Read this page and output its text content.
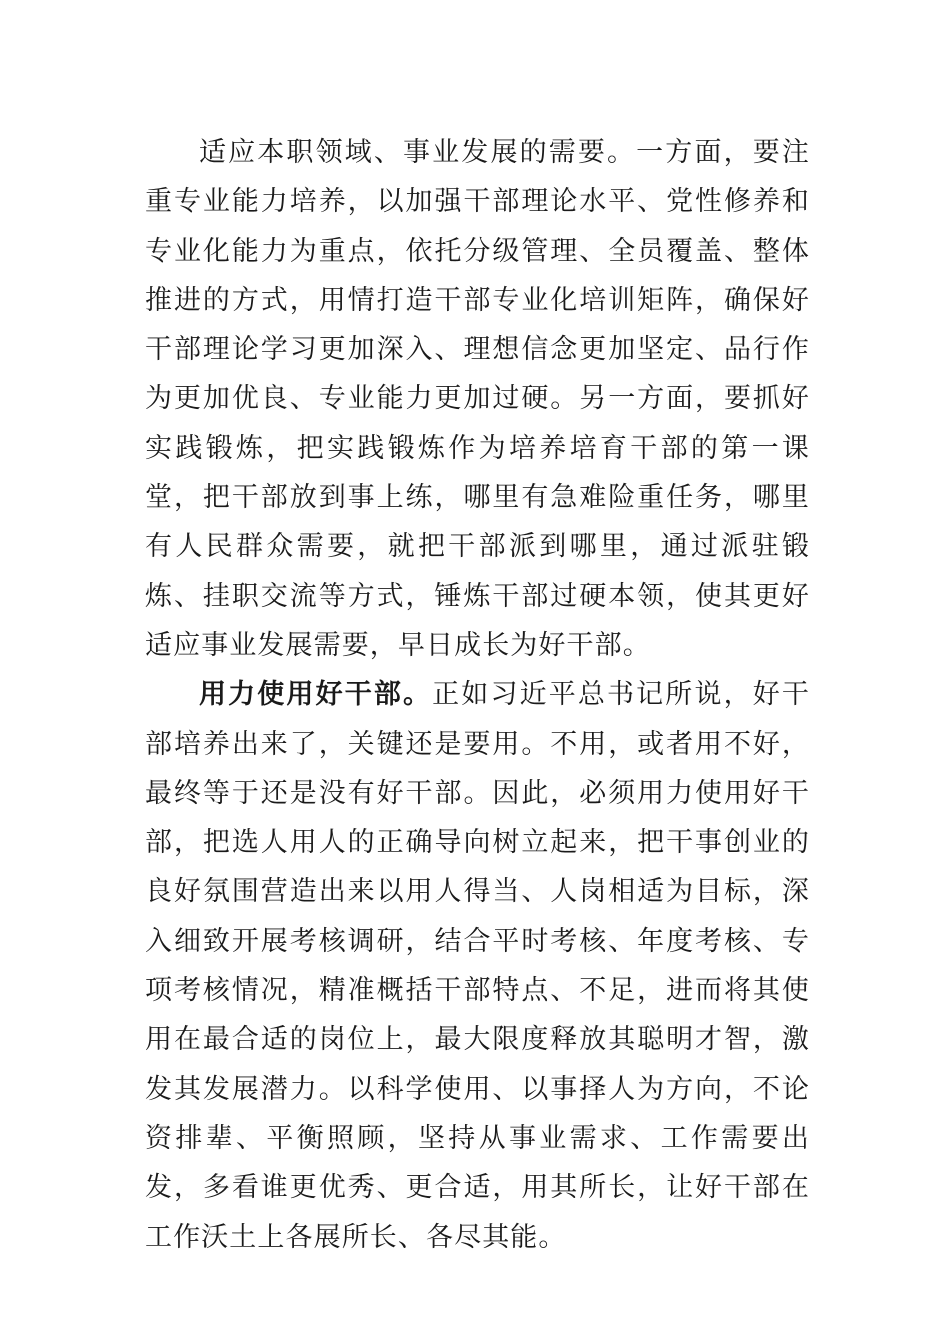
适应本职领域、事业发展的需要。一方面，要注重专业能力培养，以加强干部理论水平、党性修养和专业化能力为重点，依托分级管理、全员覆盖、整体推进的方式，用情打造干部专业化培训矩阵，确保好干部理论学习更加深入、理想信念更加坚定、品行作为更加优良、专业能力更加过硬。另一方面，要抓好实践锻炼，把实践锻炼作为培养培育干部的第一课堂，把干部放到事上练，哪里有急难险重任务，哪里有人民群众需要，就把干部派到哪里，通过派驻锻炼、挂职交流等方式，锤炼干部过硬本领，使其更好适应事业发展需要，早日成长为好干部。

用力使用好干部。正如习近平总书记所说，好干部培养出来了，关键还是要用。不用，或者用不好，最终等于还是没有好干部。因此，必须用力使用好干部，把选人用人的正确导向树立起来，把干事创业的良好氛围营造出来以用人得当、人岗相适为目标，深入细致开展考核调研，结合平时考核、年度考核、专项考核情况，精准概括干部特点、不足，进而将其使用在最合适的岗位上，最大限度释放其聪明才智，激发其发展潜力。以科学使用、以事择人为方向，不论资排辈、平衡照顾，坚持从事业需求、工作需要出发，多看谁更优秀、更合适，用其所长，让好干部在工作沃土上各展所长、各尽其能。
